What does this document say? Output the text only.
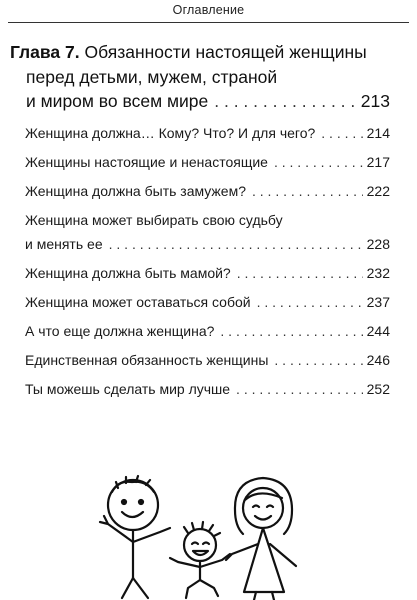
Оглавление
Глава 7. Обязанности настоящей женщины
перед детьми, мужем, страной
и миром во всем мире . . .	213
Женщина должна… Кому? Что? И для чего? . . .	214
Женщины настоящие и ненастоящие . . .	217
Женщина должна быть замужем? . . .	222
Женщина может выбирать свою судьбу
и менять ее . . .	228
Женщина должна быть мамой? . . .	232
Женщина может оставаться собой . . .	237
А что еще должна женщина? . . .	244
Единственная обязанность женщины . . .	246
Ты можешь сделать мир лучше . . .	252
